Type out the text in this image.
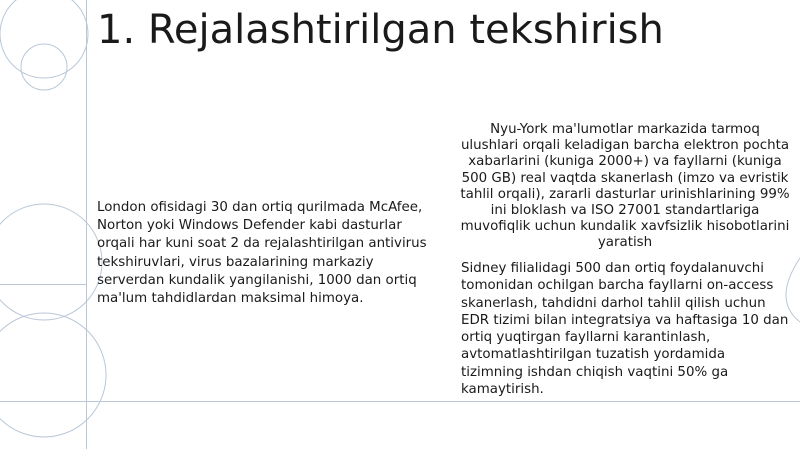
1. Rejalashtirilgan tekshirish

London ofisidagi 30 dan ortiq qurilmada McAfee, Norton yoki Windows Defender kabi dasturlar orqali har kuni soat 2 da rejalashtirilgan antivirus tekshiruvlari, virus bazalarining markaziy serverdan kundalik yangilanishi, 1000 dan ortiq ma'lum tahdidlardan maksimal himoya.

Nyu-York ma'lumotlar markazida tarmoq ulushlari orqali keladigan barcha elektron pochta xabarlarini (kuniga 2000+) va fayllarni (kuniga 500 GB) real vaqtda skanerlash (imzo va evristik tahlil orqali), zararli dasturlar urinishlarining 99% ini bloklash va ISO 27001 standartlariga muvofiqlik uchun kundalik xavfsizlik hisobotlarini yaratish

Sidney filialidagi 500 dan ortiq foydalanuvchi tomonidan ochilgan barcha fayllarni on-access skanerlash, tahdidni darhol tahlil qilish uchun EDR tizimi bilan integratsiya va haftasiga 10 dan ortiq yuqtirgan fayllarni karantinlash, avtomatlashtirilgan tuzatish yordamida tizimning ishdan chiqish vaqtini 50% ga kamaytirish.
